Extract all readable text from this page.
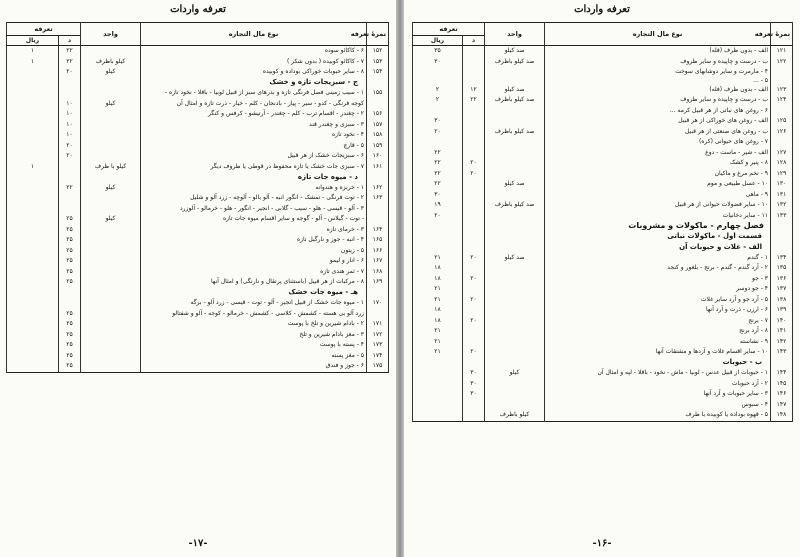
تعرفه واردات
نمرۀ تعرفه	نوع مال التجاره	واحد	تعرفه	
			د	ریال
۱۵۲	۶ - کاکائو سوده		۲۲	۱
۱۵۳	۷ - کاکائو کوبیده ( بدون شکر )	کیلو باظرف	۲۲	۱
۱۵۴	۸ - سایر حبوبات خوراکی بوداده و کوبیده	کیلو	۲۰	
	ج - سبزیجات تازه و خشک			
۱۵۵	۱ - سیب زمینی فصل فرنگی تازه و بذرهای سبز از قبیل لوبیا - باقلا - نخود تازه -			
	کوجه فرنگی - کدو - سیر - پیاز - بادنجان - کلم - خیار - ذرت تازه و امثال آن	کیلو	۱۰	
۱۵۶	۲ - چغندر - اقسام ترب - کلم - چغندر - آرتیشو - کرفس و کنگر		۱۰	
۱۵۷	۳ - سبزی و چغندر قند		۱۰	
۱۵۸	۴ - نخود تازه		۱۰	
۱۵۹	۵ - قارچ		۲۰	
۱۶۰	۶ - سبزیجات خشک از هر قبیل		۲۰	
۱۶۱	۷ - سبزی جات خشک یا تازه محفوظ در قوطی یا ظروف دیگر	کیلو با ظرف		۱
	د - میوه جات تازه			
۱۶۲	۱ - خربزه و هندوانه	کیلو	۲۲	
۱۶۳	۲ - توت فرنگی - تمشک - انگور انبه - آلو بالو - آلوچه - زرد آلو و شلیل			
	۳ - آلو - قیسی - هلو - سیب - گلابی - انجیر - انگور - هلو - خرمالو - آلوزرد			
	- توت - گیلاس - آلو - گوجه و سایر اقسام میوه جات تازه	کیلو	۲۵	
۱۶۴	۳ - خرمای تازه		۲۵	
۱۶۵	۴ - انبه - جوز و نارگیل تازه		۲۵	
۱۶۶	۵ - زیتون		۲۵	
۱۶۷	۶ - انار و لیمو		۲۵	
۱۶۸	۷ - ثمر هندی تازه		۲۵	
۱۶۹	۸ - مرکبات از هر قبیل (باستثنای پرتقال و نارنگی) و امثال آنها		۲۵	
	هـ - میوه جات خشک			
۱۷۰	۱ - میوه جات خشک از قبیل انجیر - آلو - توت - قیسی - زرد آلو - برگه			
	زرد آلو بی هسته - کشمش - کلاسی - کشمش - خرمالو - کوجه - آلو و شفتالو		۲۵	
۱۷۱	۲ - بادام شیرین و تلخ با پوست		۲۵	
۱۷۲	۳ - مغز بادام شیرین و تلخ		۲۵	
۱۷۳	۴ - پسته با پوست		۲۵	
۱۷۴	۵ - مغز پسته		۲۵	
۱۷۵	۶ - جوز و فندق		۲۵	
-۱۷-
تعرفه واردات
نمرۀ تعرفه	نوع مال التجاره	واحد	تعرفه	
			د	ریال
۱۲۱	الف - بدون ظرف (فله)	صد کیلو		۳۵
۱۲۲	ب - درست و چاپیده و سایر ظروف	صد کیلو باظرف		۳۰
	۴ - مارمرت و سایر دوشابهای سوخت			
	۵ - ...			
۱۲۳	الف - بدون ظرف (فله)	صد کیلو	۱۲	۲
۱۲۴	ب - درست و چاپیده و سایر ظروف	صد کیلو باظرف	۲۲	۲
	۶ - روغن های نباتی از هر قبیل کرمه ...			
۱۲۵	الف - روغن های خوراکی از هر قبیل			۳۰
۱۲۶	ب - روغن های صنعتی از هر قبیل	صد کیلو باظرف		۲۰
	۷ - روغن های حیوانی (کره)			
۱۲۷	الف - شیر - ماست - دوغ			۲۲
۱۲۸	۸ - پنیر و کشک		۲۰	۲۲
۱۲۹	۹ - تخم مرغ و ماکیان		۲۰	۲۲
۱۳۰	۱۰ - عسل طبیعی و موم	صد کیلو		۲۲
۱۳۱	۹ - ماهی			۳۰
۱۳۲	۱۰ - سایر فضولات حیوانی از هر قبیل	صد کیلو باظرف		۱۹
۱۳۳	۱۱ - سایر دخانیات			۲۰
	فصل چهارم - ماکولات و مشروبات			
	قسمت اول - ماکولات نباتی			
	الف - غلات و حبوبات آن			
۱۳۴	۱ - گندم	صد کیلو	۲۰	۲۱
۱۳۵	۲ - آرد گندم - گندم - برنج - بلغور و کنجد			۱۸
۱۳۶	۳ - جو		۲۰	۱۸
۱۳۷	۴ - جو دوسر			۲۱
۱۳۸	۵ - آرد جو و آرد سایر غلات		۲۰	۲۱
۱۳۹	۶ - ارزن - ذرت و آرد آنها			۱۸
۱۴۰	۷ - برنج		۲۰	۱۸
۱۴۱	۸ - آرد برنج			۲۱
۱۴۲	۹ - نشاسته			۲۱
۱۴۳	۱۰ - سایر اقسام غلات و آردها و مشتقات آنها		۲۰	۲۱
	ب - حبوبات			
۱۴۴	۱ - حبوبات از قبیل عدس - لوبیا - ماش - نخود - باقلا - لپه و امثال آن	کیلو	۳۰	
۱۴۵	۲ - آرد حبوبات		۳۰	
۱۴۶	۳ - سایر حبوبات و آرد آنها		۳۰	
۱۴۷	۴ - سبوس			
۱۴۸	۵ - قهوه بوداده یا کوبیده با ظرف	کیلو باظرف		
-۱۶-
